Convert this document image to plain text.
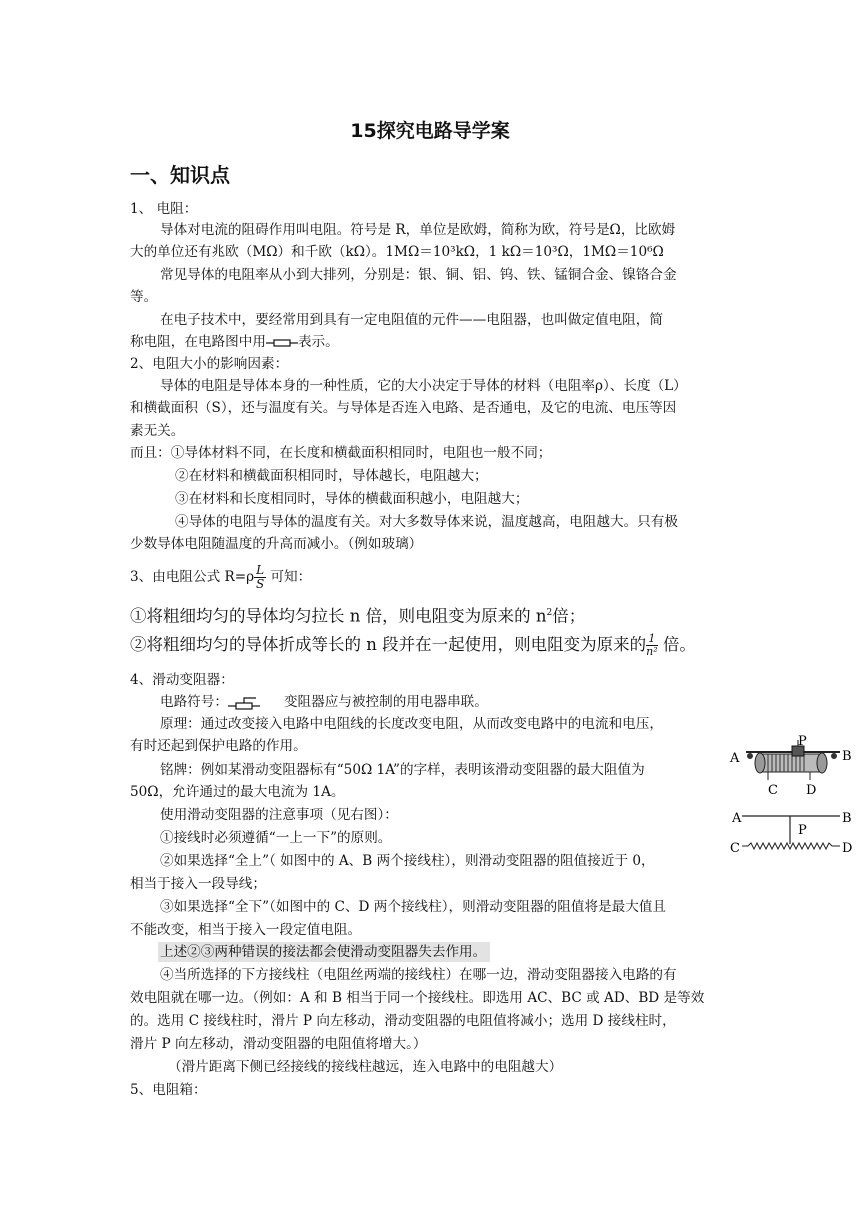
15探究电路导学案
一、知识点
1、 电阻：
导体对电流的阻碍作用叫电阻。符号是 R，单位是欧姆，简称为欧，符号是Ω，比欧姆
大的单位还有兆欧（MΩ）和千欧（kΩ）。1MΩ＝10³kΩ，1 kΩ＝10³Ω，1MΩ＝10⁶Ω
常见导体的电阻率从小到大排列，分别是：银、铜、铝、钨、铁、锰铜合金、镍铬合金
等。
在电子技术中，要经常用到具有一定电阻值的元件——电阻器，也叫做定值电阻，简
称电阻，在电路图中用 表示。
2、电阻大小的影响因素：
导体的电阻是导体本身的一种性质，它的大小决定于导体的材料（电阻率ρ）、长度（L）
和横截面积（S），还与温度有关。与导体是否连入电路、是否通电，及它的电流、电压等因
素无关。
而且：①导体材料不同，在长度和横截面积相同时，电阻也一般不同；
②在材料和横截面积相同时，导体越长，电阻越大；
③在材料和长度相同时，导体的横截面积越小，电阻越大；
④导体的电阻与导体的温度有关。对大多数导体来说，温度越高，电阻越大。只有极
少数导体电阻随温度的升高而减小。（例如玻璃）
3、由电阻公式 $R=\rho \frac{L}{S}$ 可知：
①将粗细均匀的导体均匀拉长 n 倍，则电阻变为原来的 $n^2$倍；
②将粗细均匀的导体折成等长的 n 段并在一起使用，则电阻变为原来的 $\frac{1}{\text{n²}}$ 倍。
4、滑动变阻器：
电路符号：	变阻器应与被控制的用电器串联。
原理：通过改变接入电路中电阻线的长度改变电阻，从而改变电路中的电流和电压，
有时还起到保护电路的作用。
铭牌：例如某滑动变阻器标有“50Ω 1A”的字样，表明该滑动变阻器的最大阻值为
50Ω，允许通过的最大电流为 1A。
使用滑动变阻器的注意事项（见右图）：
①接线时必须遵循“一上一下”的原则。
②如果选择“全上”（ 如图中的 A、B 两个接线柱），则滑动变阻器的阻值接近于 0，
相当于接入一段导线；
③如果选择“全下”（如图中的 C、D 两个接线柱），则滑动变阻器的阻值将是最大值且
不能改变，相当于接入一段定值电阻。
上述②③两种错误的接法都会使滑动变阻器失去作用。
④当所选择的下方接线柱（电阻丝两端的接线柱）在哪一边，滑动变阻器接入电路的有
效电阻就在哪一边。（例如：A 和 B 相当于同一个接线柱。即选用 AC、BC 或 AD、BD 是等效
的。选用 C 接线柱时，滑片 P 向左移动，滑动变阻器的电阻值将减小；选用 D 接线柱时，
滑片 P 向左移动，滑动变阻器的电阻值将增大。）
（滑片距离下侧已经接线的接线柱越远，连入电路中的电阻越大）
5、电阻箱：
A	B
P
C D
A	B
P
C	D
